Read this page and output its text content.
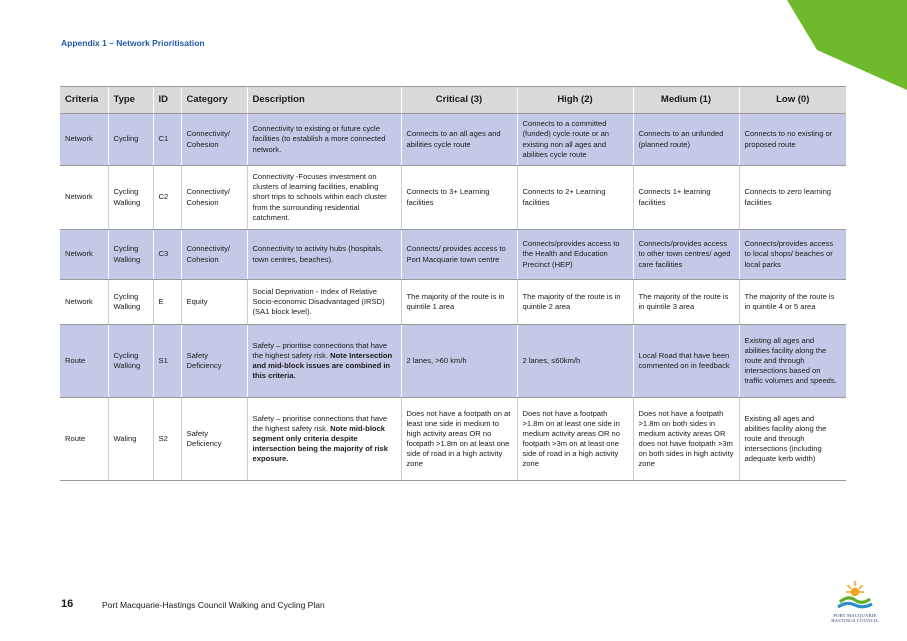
Appendix 1 – Network Prioritisation
Criteria	Type	ID	Category	Description	Critical (3)	High (2)	Medium (1)	Low (0)
Network	Cycling	C1	Connectivity/ Cohesion	Connectivity to existing or future cycle facilities (to establish a more connected network.	Connects to an all ages and abilities cycle route	Connects to a committed (funded) cycle route or an existing non all ages and abilities cycle route	Connects to an unfunded (planned route)	Connects to no existing or proposed route
Network	Cycling Walking	C2	Connectivity/ Cohesion	Connectivity -Focuses investment on clusters of learning facilities, enabling short trips to schools within each cluster from the surrounding residential catchment.	Connects to 3+ Learning facilities	Connects to 2+ Learning facilities	Connects 1+ learning facilities	Connects to zero learning facilities
Network	Cycling Walking	C3	Connectivity/ Cohesion	Connectivity to activity hubs (hospitals, town centres, beaches).	Connects/ provides access to Port Macquarie town centre	Connects/provides access to the Health and Education Precinct (HEP)	Connects/provides access to other town centres/ aged care facilities	Connects/provides access to local shops/ beaches or local parks
Network	Cycling Walking	E	Equity	Social Deprivation - Index of Relative Socio-economic Disadvantaged (IRSD) (SA1 block level).	The majority of the route is in quintile 1 area	The majority of the route is in quintile 2 area	The majority of the route is in quintile 3 area	The majority of the route is in quintile 4 or 5 area
Route	Cycling Walking	S1	Safety Deficiency	Safety – prioritise connections that have the highest safety risk. Note Intersection and mid-block issues are combined in this criteria.	2 lanes, >60 km/h	2 lanes, ≤60km/h	Local Road that have been commented on in feedback	Existing all ages and abilities facility along the route and through intersections based on traffic volumes and speeds.
Route	Waling	S2	Safety Deficiency	Safety – prioritise connections that have the highest safety risk. Note mid-block segment only criteria despite intersection being the majority of risk exposure.	Does not have a footpath on at least one side in medium to high activity areas OR no footpath >1.8m on at least one side of road in a high activity zone	Does not have a footpath >1.8m on at least one side in medium activity areas OR no footpath >3m on at least one side of road in a high activity zone	Does not have a footpath >1.8m on both sides in medium activity areas OR does not have footpath >3m on both sides in high activity zone	Existing all ages and abilities facility along the route and through intersections (including adequate kerb width)
16	Port Macquarie-Hastings Council Walking and Cycling Plan
PORT MACQUARIE
HASTINGS COUNCIL
